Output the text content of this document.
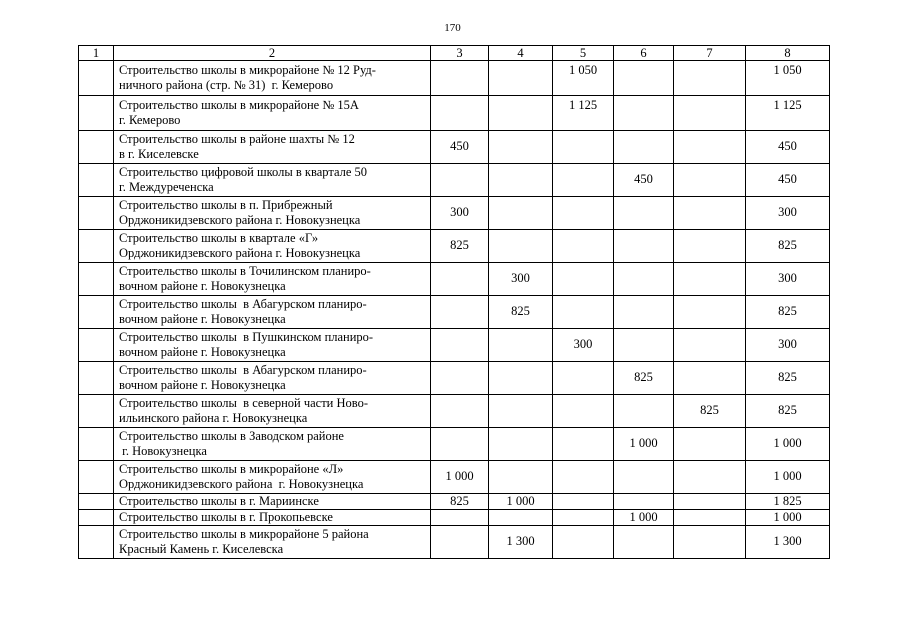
170
1	2	3	4	5	6	7	8

	Строительство школы в микрорайоне № 12 Руд-
ничного района (стр. № 31)  г. Кемерово			1 050			1 050

	Строительство школы в микрорайоне № 15А
г. Кемерово			1 125			1 125

	Строительство школы в районе шахты № 12
в г. Киселевске	450					450

	Строительство цифровой школы в квартале 50
г. Междуреченска				450		450

	Строительство школы в п. Прибрежный
Орджоникидзевского района г. Новокузнецка	300					300

	Строительство школы в квартале «Г»
Орджоникидзевского района г. Новокузнецка	825					825

	Строительство школы в Точилинском планиро-
вочном районе г. Новокузнецка		300				300

	Строительство школы  в Абагурском планиро-
вочном районе г. Новокузнецка		825				825

	Строительство школы  в Пушкинском планиро-
вочном районе г. Новокузнецка			300			300

	Строительство школы  в Абагурском планиро-
вочном районе г. Новокузнецка				825		825

	Строительство школы  в северной части Ново-
ильинского района г. Новокузнецка					825	825

	Строительство школы в Заводском районе
г. Новокузнецка				1 000		1 000

	Строительство школы в микрорайоне «Л»
Орджоникидзевского района  г. Новокузнецка	1 000					1 000

	Строительство школы в г. Мариинске	825	1 000				1 825

	Строительство школы в г. Прокопьевске				1 000		1 000

	Строительство школы в микрорайоне 5 района
Красный Камень г. Киселевска		1 300				1 300
